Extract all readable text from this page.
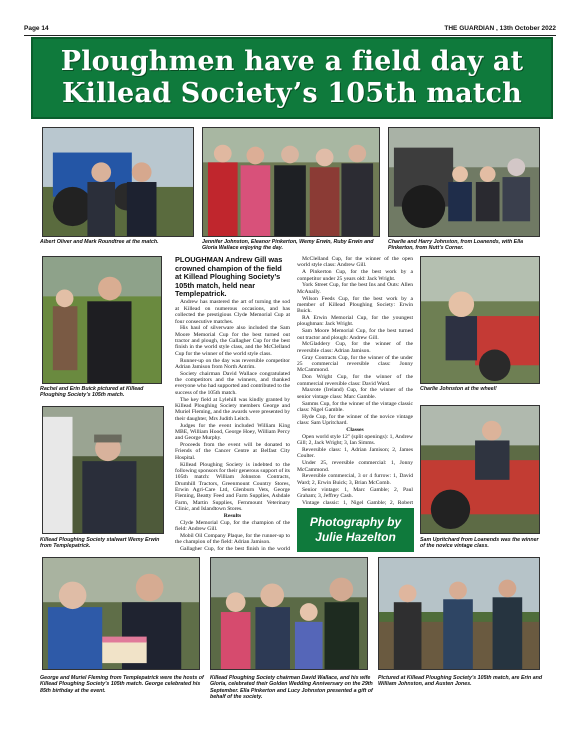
Page 14	THE GUARDIAN , 13th October 2022
Ploughmen have a field day at
Killead Society’s 105th match
Albert Oliver and Mark Roundtree at the match.	Jennifer Johnston, Eleanor Pinkerton, Wemy Erwin, Ruby Erwin and Gloria Wallace enjoying the day.
Charlie and Harry Johnston, from Loanends, with Ella Pinkerton, from Nutt’s Corner.
Rachel and Erin Buick pictured at Killead Ploughing Society’s 105th match.
Killead Ploughing Society stalwart Wemy Erwin from Templepatrick.
Charlie Johnston at the wheel!
Sam Upritchard from Loanends was the winner of the novice vintage class.

PLOUGHMAN Andrew Gill was crowned champion of the field at Killead Ploughing Society’s 105th match, held near Templepatrick.

Andrew has mastered the art of turning the sod at Killead on numerous occasions, and has collected the prestigious Clyde Memorial Cup at four consecutive matches.

His haul of silverware also included the Sam Moore Memorial Cup for the best turned out tractor and plough, the Gallagher Cup for the best finish in the world style class, and the McClelland Cup for the winner of the world style class.

Runner-up on the day was reversible competitor Adrian Jamison from North Antrim.

Society chairman David Wallace congratulated the competitors and the winners, and thanked everyone who had supported and contributed to the success of the 105th match.

The key field at Lylehill was kindly granted by Killead Ploughing Society members George and Muriel Fleming, and the awards were presented by their daughter, Mrs Judith Leitch.

Judges for the event included William King MBE, William Hood, George Hoey, William Percy and George Murphy.

Proceeds from the event will be donated to Friends of the Cancer Centre at Belfast City Hospital.

Killead Ploughing Society is indebted to the following sponsors for their generous support of its 105th match: William Johnston Contracts, Drumhill Tractors, Greenmount Country Stores, Erwin Agri-Care Ltd, Glenburn Vets, George Fleming, Beatty Feed and Farm Supplies, Ashdale Farm, Martin Supplies, Fernmount Veterinary Clinic, and Islandtown Stores.

Results

Clyde Memorial Cup, for the champion of the field: Andrew Gill.

Mobil Oil Company Plaque, for the runner-up to the champion of the field: Adrian Jamison.

Gallagher Cup, for the best finish in the world

McClelland Cup, for the winner of the open world style class: Andrew Gill.

A Pinkerton Cup, for the best work by a competitor under 25 years old: Jack Wright.

York Street Cup, for the best Ins and Outs: Allen McAnally.

Wilson Feeds Cup, for the best work by a member of Killead Ploughing Society: Erwin Buick.

RA Erwin Memorial Cup, for the youngest ploughman: Jack Wright.

Sam Moore Memorial Cup, for the best turned out tractor and plough: Andrew Gill.

McGladdery Cup, for the winner of the reversible class: Adrian Jamison.

Gray Contracts Cup, for the winner of the under 25 commercial reversible class: Jonny McCammond.

Don Wright Cup, for the winner of the commercial reversible class: David Ward.

Maxrote (Ireland) Cup, for the winner of the senior vintage class: Marc Gamble.

Samms Cup, for the winner of the vintage classic class: Nigel Gamble.

Hyde Cup, for the winner of the novice vintage class: Sam Upritchard.

Classes

Open world style 12" (split openings): 1, Andrew Gill; 2, Jack Wright; 3, Ian Simms.

Reversible class: 1, Adrian Jamison; 2, James Coulter.

Under 25, reversible commercial: 1, Jonny McCammond.

Reversible commercial, 3 or 4 furrow: 1, David Ward; 2, Erwin Buick; 3, Brian McComb.

Senior vintage: 1, Marc Gamble; 2, Paul Graham; 3, Jeffrey Cash.

Vintage classic: 1, Nigel Gamble; 2, Robert

Photography by
Julie Hazelton
George and Muriel Fleming from Templepatrick were the hosts of Killead Ploughing Society’s 105th match. George celebrated his 85th birthday at the event.
Killead Ploughing Society chairman David Wallace, and his wife Gloria, celebrated their Golden Wedding Anniversary on the 29th September. Ella Pinkerton and Lucy Johnston presented a gift of behalf of the society.
Pictured at Killead Ploughing Society’s 105th match, are Erin and William Johnston, and Austen Jones.
